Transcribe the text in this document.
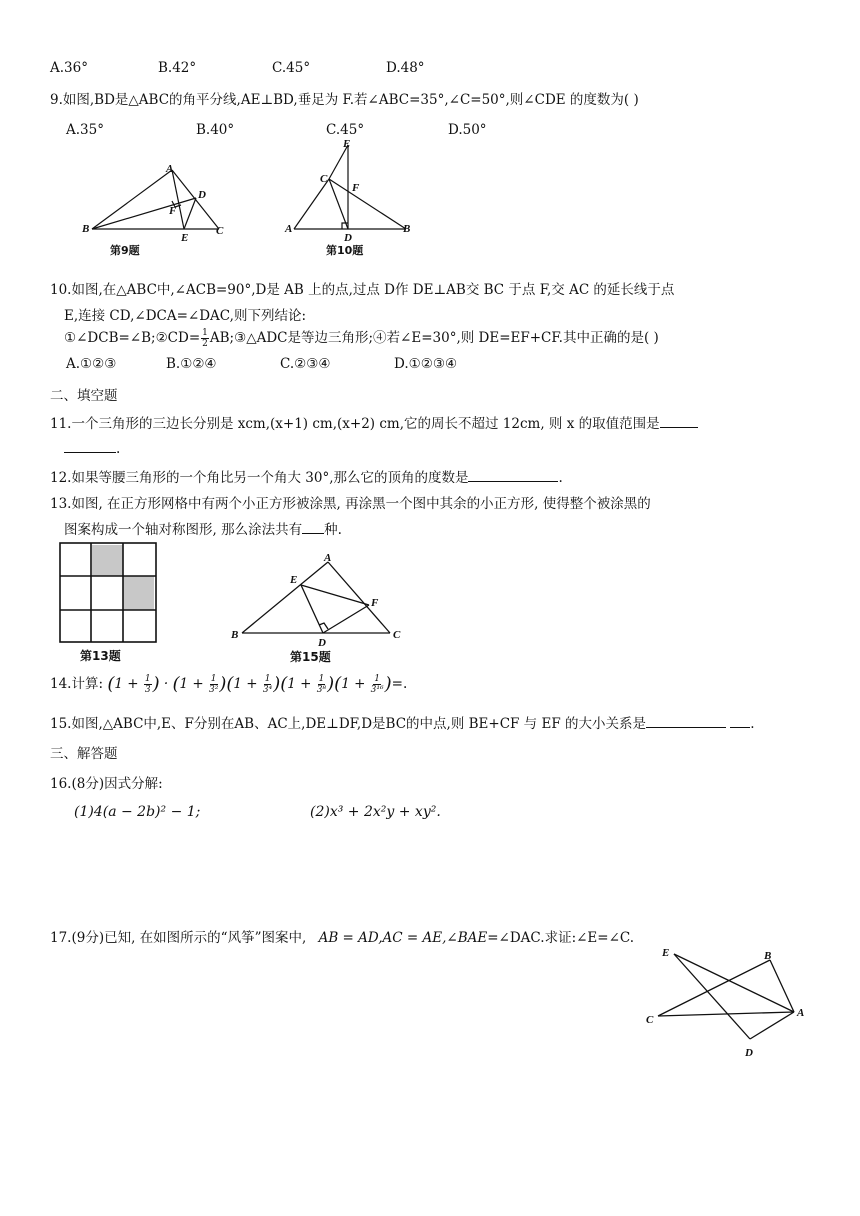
A.36°	B.42°	C.45°	D.48°
9.如图,BD是△ABC的角平分线,AE⊥BD,垂足为 F.若∠ABC=35°,∠C=50°,则∠CDE 的度数为( )
A.35°	B.40°	C.45°	D.50°
A
D
F
B
E
C
第9题
E
C
F
A
D
B
第10题
10.如图,在△ABC中,∠ACB=90°,D是 AB 上的点,过点 D作 DE⊥AB交 BC 于点 F,交 AC 的延长线于点
E,连接 CD,∠DCA=∠DAC,则下列结论:
①∠DCB=∠B;②CD= $\frac{1}{2}$ AB;③△ADC是等边三角形;④若∠E=30°,则 DE=EF+CF.其中正确的是( )
A.①②③	B.①②④	C.②③④	D.①②③④
二、填空题
11.一个三角形的三边长分别是 xcm,(x+1) cm,(x+2) cm,它的周长不超过 12cm, 则 x 的取值范围是
.
12.如果等腰三角形的一个角比另一个角大 30°,那么它的顶角的度数是	.
13.如图, 在正方形网格中有两个小正方形被涂黑, 再涂黑一个图中其余的小正方形, 使得整个被涂黑的
图案构成一个轴对称图形, 那么涂法共有 种.
第13题
A
E
F
B
D
C
第15题
14.计算: ($1 + \frac{1}{3}$ ) · $(1 + \frac{1}{\text{3²}} )(1 + \frac{1}{\text{3⁴}} )(1 + \frac{1}{\text{3⁸}} )(1 + \frac{1}{\text{3¹⁶}}$ )=.
15.如图,△ABC中,E、F分别在AB、AC上,DE⊥DF,D是BC的中点,则 BE+CF 与 EF 的大小关系是	.
三、解答题
16.(8分)因式分解:
(1)4(a − 2b)² − 1;	(2)x³ + 2x²y + xy².
17.(9分)已知, 在如图所示的“风筝”图案中, AB = AD,AC = AE,∠BAE=∠DAC.求证:∠E=∠C.
E	B
C
A
D
